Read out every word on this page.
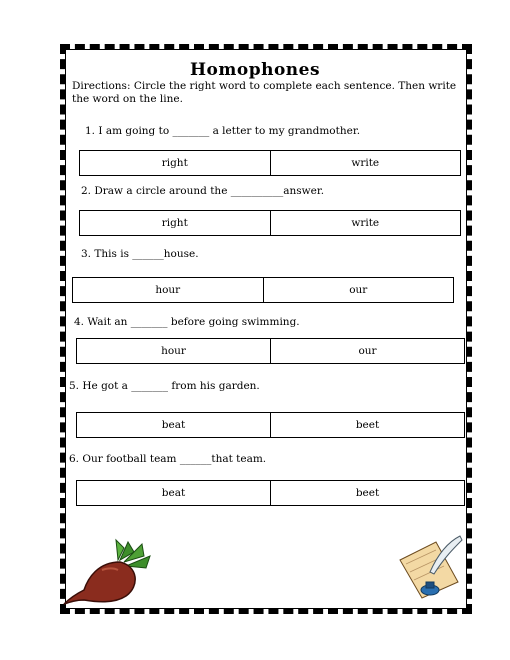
Homophones
Directions: Circle the right word to complete each sentence. Then write the word on the line.
1. I am going to _______ a letter to my grandmother.
right	write
2. Draw a circle around the __________answer.
right	write
3. This is ______house.
hour	our
4. Wait an _______ before going swimming.
hour	our
5. He got a _______ from his garden.
beat	beet
6. Our football team ______that team.
beat	beet
